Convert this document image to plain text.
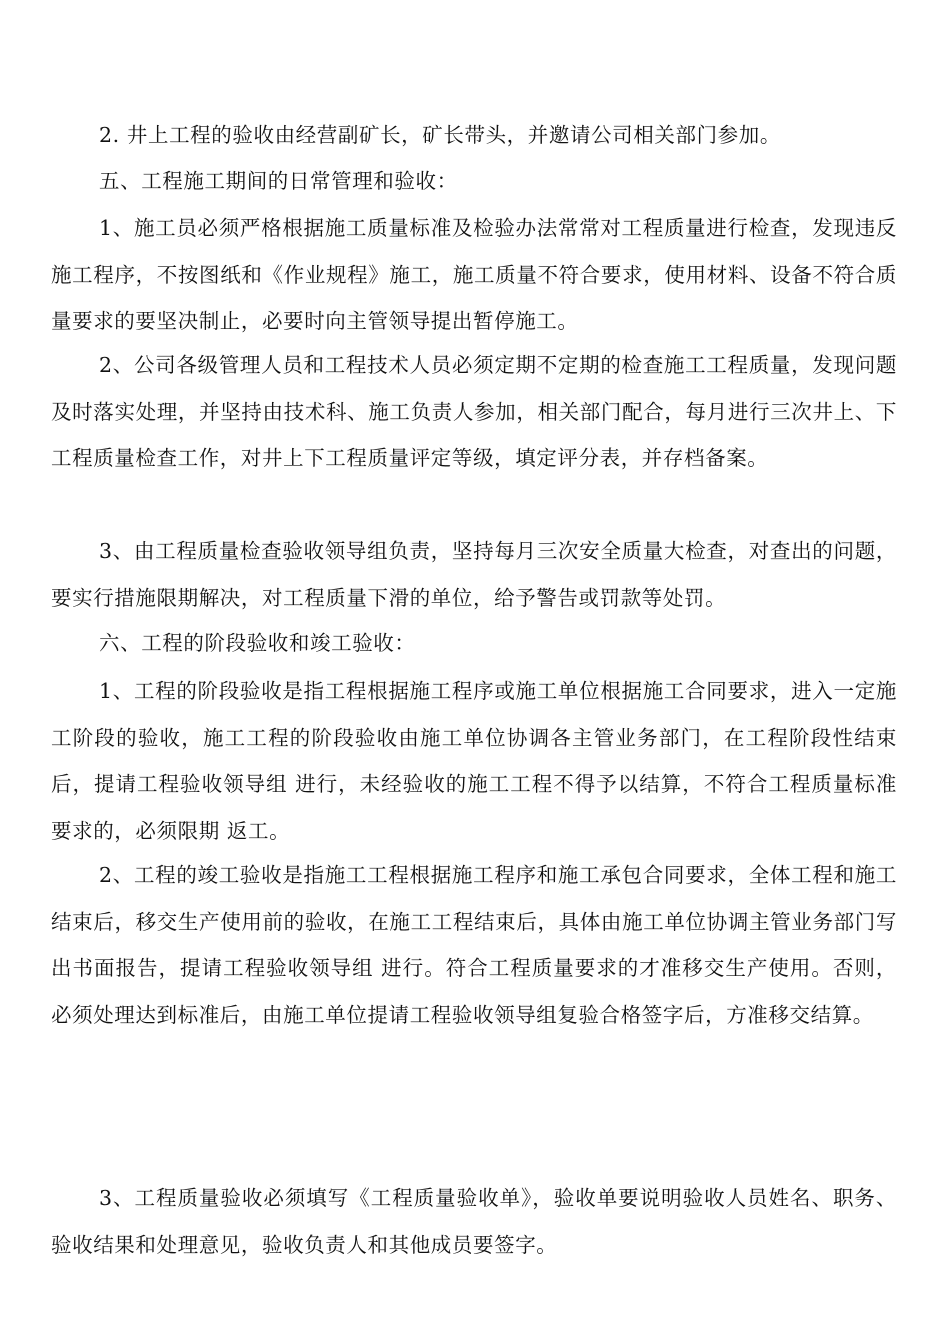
2. 井上工程的验收由经营副矿长，矿长带头，并邀请公司相关部门参加。

五、工程施工期间的日常管理和验收：

1、施工员必须严格根据施工质量标准及检验办法常常对工程质量进行检查，发现违反施工程序，不按图纸和《作业规程》施工，施工质量不符合要求，使用材料、设备不符合质量要求的要坚决制止，必要时向主管领导提出暂停施工。

2、公司各级管理人员和工程技术人员必须定期不定期的检查施工工程质量，发现问题及时落实处理，并坚持由技术科、施工负责人参加，相关部门配合，每月进行三次井上、下工程质量检查工作，对井上下工程质量评定等级，填定评分表，并存档备案。

3、由工程质量检查验收领导组负责，坚持每月三次安全质量大检查，对查出的问题，要实行措施限期解决，对工程质量下滑的单位，给予警告或罚款等处罚。

六、工程的阶段验收和竣工验收：

1、工程的阶段验收是指工程根据施工程序或施工单位根据施工合同要求，进入一定施工阶段的验收，施工工程的阶段验收由施工单位协调各主管业务部门，在工程阶段性结束后，提请工程验收领导组 进行，未经验收的施工工程不得予以结算，不符合工程质量标准要求的，必须限期 返工。

2、工程的竣工验收是指施工工程根据施工程序和施工承包合同要求，全体工程和施工结束后，移交生产使用前的验收，在施工工程结束后，具体由施工单位协调主管业务部门写出书面报告，提请工程验收领导组 进行。符合工程质量要求的才准移交生产使用。否则，必须处理达到标准后，由施工单位提请工程验收领导组复验合格签字后，方准移交结算。

3、工程质量验收必须填写《工程质量验收单》，验收单要说明验收人员姓名、职务、验收结果和处理意见，验收负责人和其他成员要签字。
